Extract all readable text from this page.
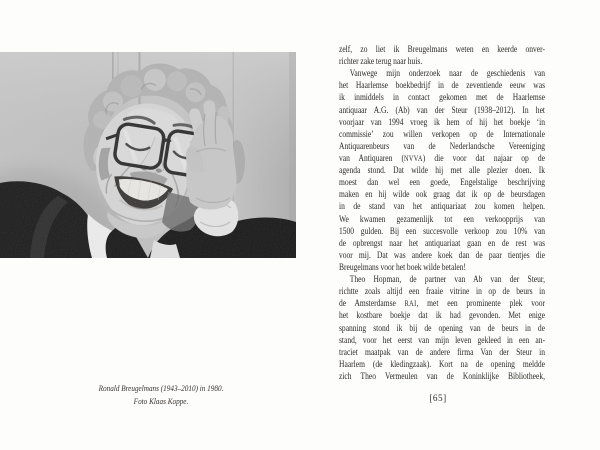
Ronald Breugelmans (1943–2010) in 1980.
Foto Klaas Koppe.
zelf, zo liet ik Breugelmans weten en keerde onver-
richter zake terug naar huis.
Vanwege mijn onderzoek naar de geschiedenis van
het Haarlemse boekbedrijf in de zeventiende eeuw was
ik inmiddels in contact gekomen met de Haarlemse
antiquaar A.G. (Ab) van der Steur (1938–2012). In het
voorjaar van 1994 vroeg ik hem of hij het boekje ‘in
commissie’ zou willen verkopen op de Internationale
Antiquarenbeurs van de Nederlandsche Vereeniging
van Antiquaren (NVVA) die voor dat najaar op de
agenda stond. Dat wilde hij met alle plezier doen. Ik
moest dan wel een goede, Engelstalige beschrijving
maken en hij wilde ook graag dat ik op de beursdagen
in de stand van het antiquariaat zou komen helpen.
We kwamen gezamenlijk tot een verkoopprijs van
1500 gulden. Bij een succesvolle verkoop zou 10% van
de opbrengst naar het antiquariaat gaan en de rest was
voor mij. Dat was andere koek dan de paar tientjes die
Breugelmans voor het boek wilde betalen!
Theo Hopman, de partner van Ab van der Steur,
richtte zoals altijd een fraaie vitrine in op de beurs in
de Amsterdamse RAI, met een prominente plek voor
het kostbare boekje dat ik had gevonden. Met enige
spanning stond ik bij de opening van de beurs in de
stand, voor het eerst van mijn leven gekleed in een an-
traciet maatpak van de andere firma Van der Steur in
Haarlem (de kledingzaak). Kort na de opening meldde
zich Theo Vermeulen van de Koninklijke Bibliotheek,
[65]
